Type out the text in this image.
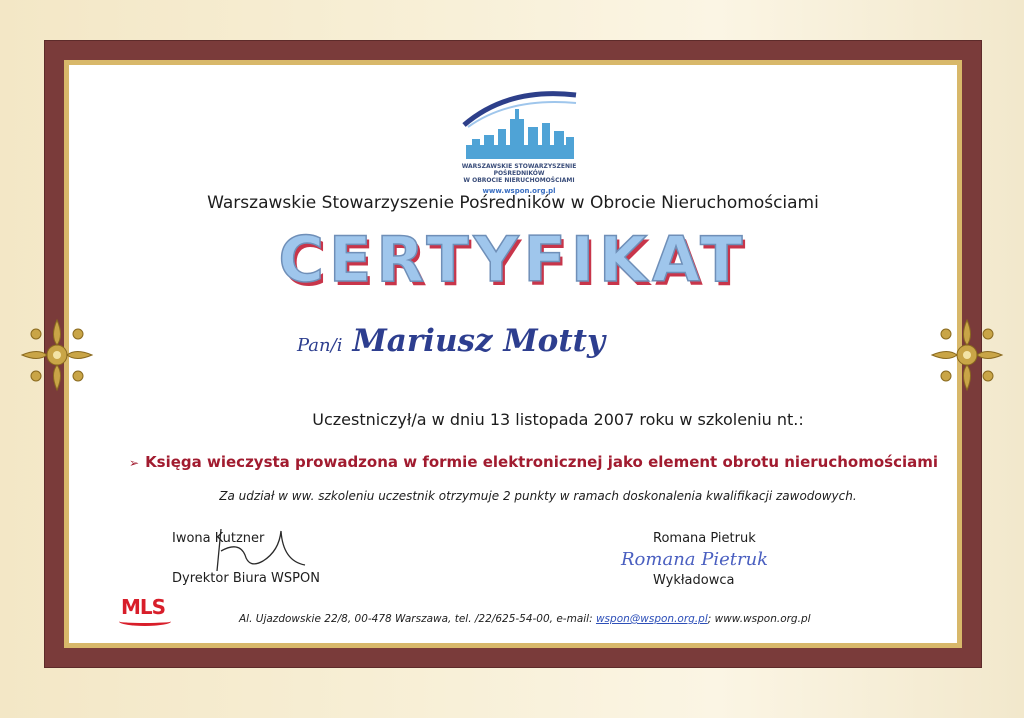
WARSZAWSKIE STOWARZYSZENIE
POŚREDNIKÓW
W OBROCIE NIERUCHOMOŚCIAMI
www.wspon.org.pl
Warszawskie Stowarzyszenie Pośredników w Obrocie Nieruchomościami
CERTYFIKAT
Pan/i Mariusz Motty
Uczestniczył/a w dniu 13 listopada 2007 roku w szkoleniu nt.:
➢ Księga wieczysta prowadzona w formie elektronicznej jako element obrotu nieruchomościami
Za udział w ww. szkoleniu uczestnik otrzymuje 2 punkty w ramach doskonalenia kwalifikacji zawodowych.
Iwona Kutzner
Dyrektor Biura WSPON
Romana Pietruk
Romana Pietruk
Wykładowca
MLS	Al. Ujazdowskie 22/8, 00-478 Warszawa, tel. /22/625-54-00, e-mail: wspon@wspon.org.pl; www.wspon.org.pl
